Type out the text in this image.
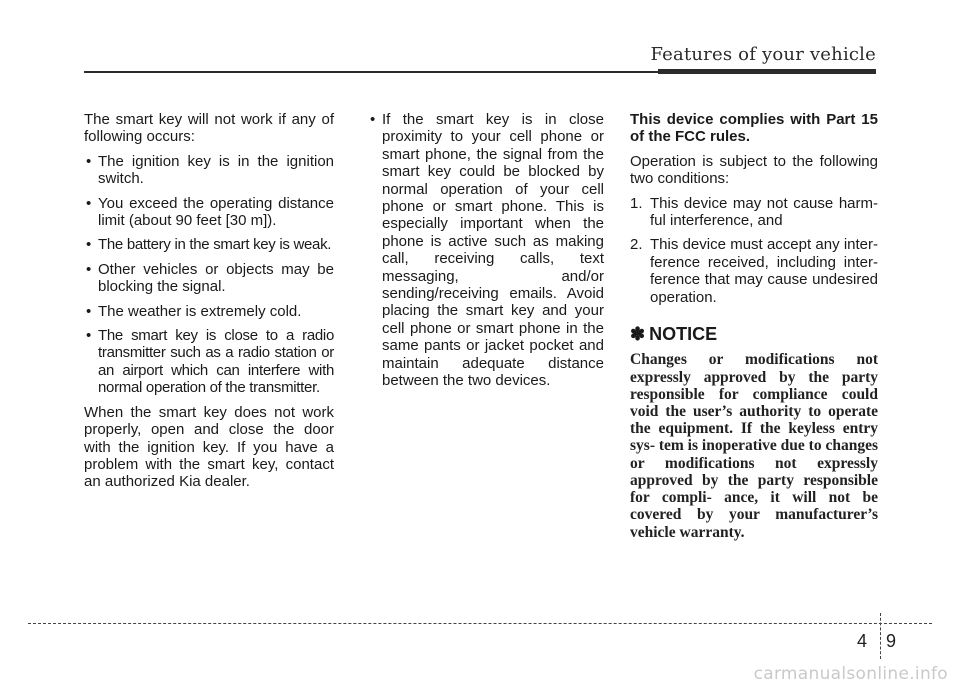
Features of your vehicle

The smart key will not work if any of following occurs:

• The ignition key is in the ignition switch.
• You exceed the operating distance limit (about 90 feet [30 m]).
• The battery in the smart key is weak.
• Other vehicles or objects may be blocking the signal.
• The weather is extremely cold.
• The smart key is close to a radio transmitter such as a radio station or an airport which can interfere with normal operation of the transmitter.

When the smart key does not work properly, open and close the door with the ignition key. If you have a problem with the smart key, contact an authorized Kia dealer.

• If the smart key is in close proximity to your cell phone or smart phone, the signal from the smart key could be blocked by normal operation of your cell phone or smart phone. This is especially important when the phone is active such as making call, receiving calls, text messaging, and/or sending/receiving emails. Avoid placing the smart key and your cell phone or smart phone in the same pants or jacket pocket and maintain adequate distance between the two devices.

This device complies with Part 15 of the FCC rules.

Operation is subject to the following two conditions:

1. This device may not cause harm- ful interference, and
2. This device must accept any inter- ference received, including inter- ference that may cause undesired operation.
✽ NOTICE
Changes or modifications not expressly approved by the party responsible for compliance could void the user’s authority to operate the equipment. If the keyless entry sys- tem is inoperative due to changes or modifications not expressly approved by the party responsible for compli- ance, it will not be covered by your manufacturer’s vehicle warranty.
4 9
carmanualsonline.info
